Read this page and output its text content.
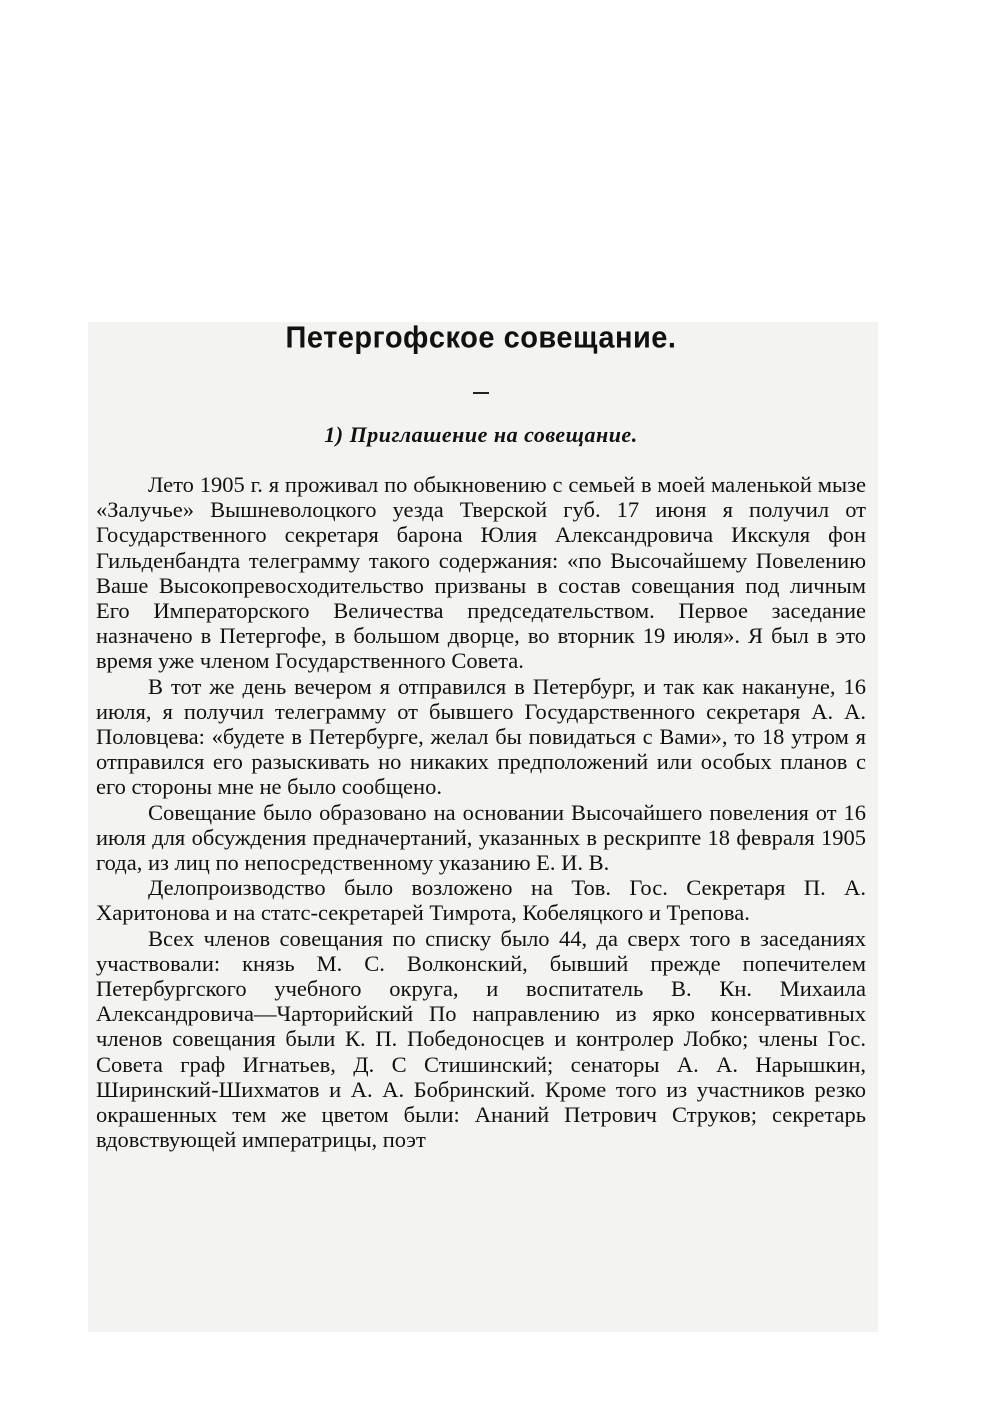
Петергофское совещание.
1) Приглашение на совещание.

Лето 1905 г. я проживал по обыкновению с семьей в моей маленькой мызе «Залучье» Вышневолоцкого уезда Тверской губ. 17 июня я получил от Государственного секретаря барона Юлия Александровича Икскуля фон Гильденбандта телеграмму такого содержания: «по Высочайшему Повелению Ваше Высокопревосходительство призваны в состав совещания под личным Его Императорского Величества председательством. Первое заседание назначено в Петергофе, в большом дворце, во вторник 19 июля». Я был в это время уже членом Государственного Совета.

В тот же день вечером я отправился в Петербург, и так как накануне, 16 июля, я получил телеграмму от бывшего Государственного секретаря А. А. Половцева: «будете в Петербурге, желал бы повидаться с Вами», то 18 утром я отправился его разыскивать но никаких предположений или особых планов с его стороны мне не было сообщено.

Совещание было образовано на основании Высочайшего повеления от 16 июля для обсуждения предначертаний, указанных в рескрипте 18 февраля 1905 года, из лиц по непосредственному указанию Е. И. В.

Делопроизводство было возложено на Тов. Гос. Секретаря П. А. Харитонова и на статс-секретарей Тимрота, Кобеляцкого и Трепова.

Всех членов совещания по списку было 44, да сверх того в заседаниях участвовали: князь М. С. Волконский, бывший прежде попечителем Петербургского учебного округа, и воспитатель В. Кн. Михаила Александровича—Чарторийский По направлению из ярко консервативных членов совещания были К. П. Победоносцев и контролер Лобко; члены Гос. Совета граф Игнатьев, Д. С Стишинский; сенаторы А. А. Нарышкин, Ширинский-Шихматов и А. А. Бобринский. Кроме того из участников резко окрашенных тем же цветом были: Ананий Петрович Струков; секретарь вдовствующей императрицы, поэт
